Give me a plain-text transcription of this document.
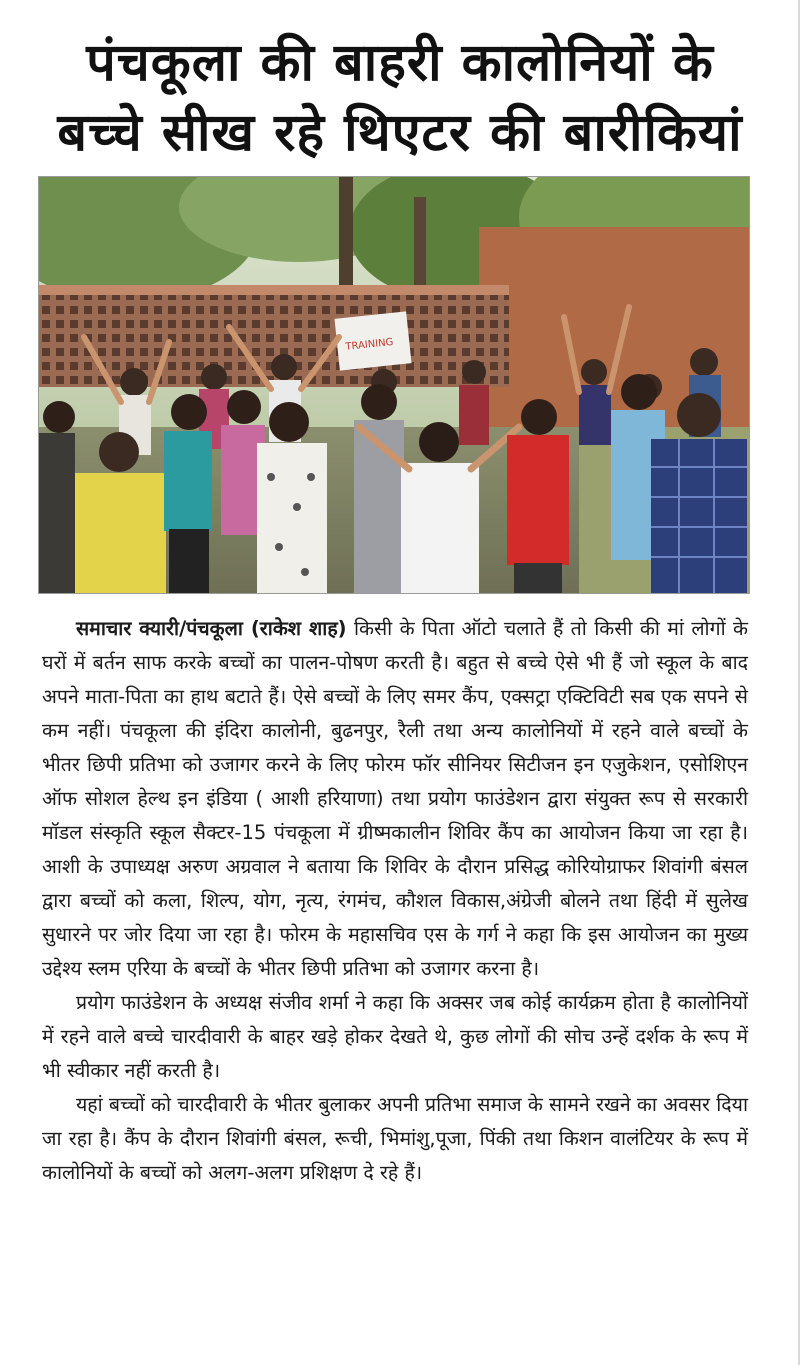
पंचकूला की बाहरी कालोनियों के
बच्चे सीख रहे थिएटर की बारीकियां
TRAINING

समाचार क्यारी/पंचकूला (राकेश शाह) किसी के पिता ऑटो चलाते हैं तो किसी की मां लोगों के घरों में बर्तन साफ करके बच्चों का पालन-पोषण करती है। बहुत से बच्चे ऐसे भी हैं जो स्कूल के बाद अपने माता-पिता का हाथ बटाते हैं। ऐसे बच्चों के लिए समर कैंप, एक्सट्रा एक्टिविटी सब एक सपने से कम नहीं। पंचकूला की इंदिरा कालोनी, बुढनपुर, रैली तथा अन्य कालोनियों में रहने वाले बच्चों के भीतर छिपी प्रतिभा को उजागर करने के लिए फोरम फॉर सीनियर सिटीजन इन एजुकेशन, एसोशिएन ऑफ सोशल हेल्थ इन इंडिया ( आशी हरियाणा) तथा प्रयोग फाउंडेशन द्वारा संयुक्त रूप से सरकारी मॉडल संस्कृति स्कूल सैक्टर-15 पंचकूला में ग्रीष्मकालीन शिविर कैंप का आयोजन किया जा रहा है। आशी के उपाध्यक्ष अरुण अग्रवाल ने बताया कि शिविर के दौरान प्रसिद्ध कोरियोग्राफर शिवांगी बंसल द्वारा बच्चों को कला, शिल्प, योग, नृत्य, रंगमंच, कौशल विकास,अंग्रेजी बोलने तथा हिंदी में सुलेख सुधारने पर जोर दिया जा रहा है। फोरम के महासचिव एस के गर्ग ने कहा कि इस आयोजन का मुख्य उद्देश्य स्लम एरिया के बच्चों के भीतर छिपी प्रतिभा को उजागर करना है।

प्रयोग फाउंडेशन के अध्यक्ष संजीव शर्मा ने कहा कि अक्सर जब कोई कार्यक्रम होता है कालोनियों में रहने वाले बच्चे चारदीवारी के बाहर खड़े होकर देखते थे, कुछ लोगों की सोच उन्हें दर्शक के रूप में भी स्वीकार नहीं करती है।

यहां बच्चों को चारदीवारी के भीतर बुलाकर अपनी प्रतिभा समाज के सामने रखने का अवसर दिया जा रहा है। कैंप के दौरान शिवांगी बंसल, रूची, भिमांशु,पूजा, पिंकी तथा किशन वालंटियर के रूप में कालोनियों के बच्चों को अलग-अलग प्रशिक्षण दे रहे हैं।
